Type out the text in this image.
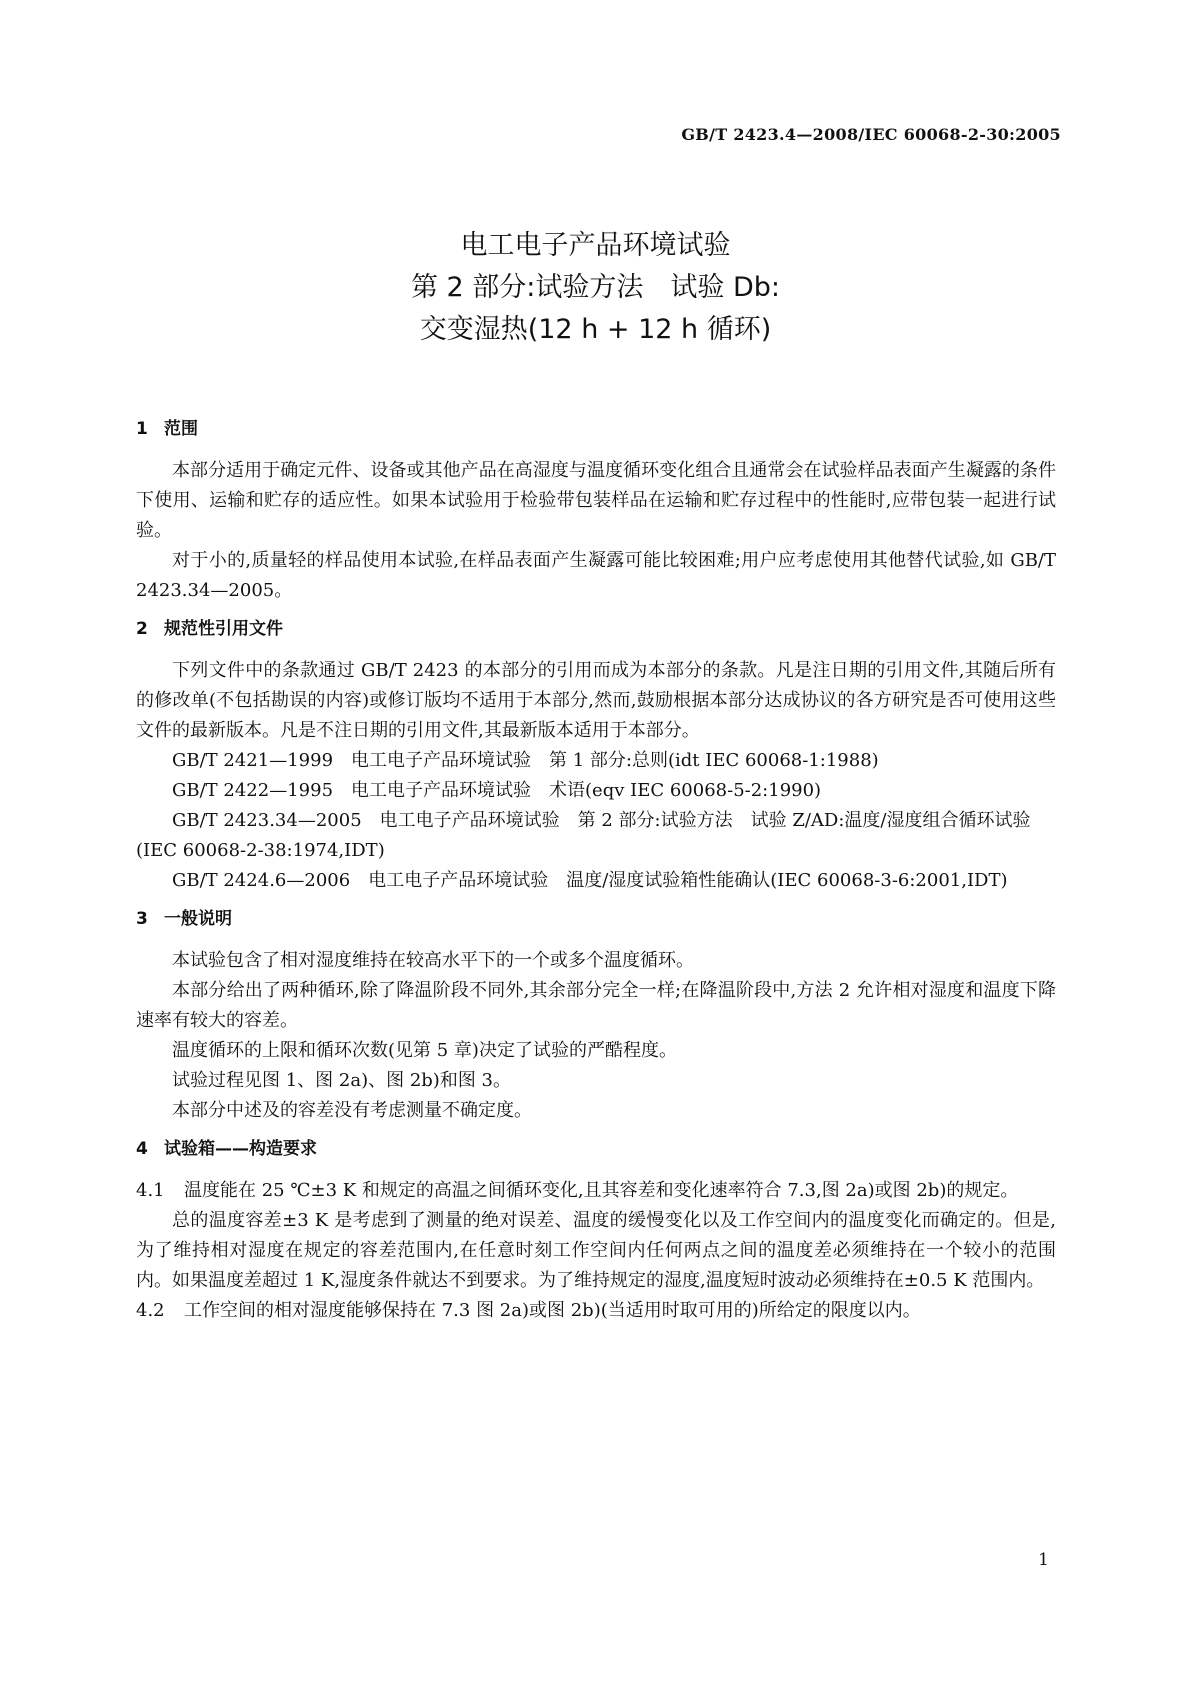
GB/T 2423.4—2008/IEC 60068-2-30:2005
电工电子产品环境试验
第 2 部分:试验方法　试验 Db:
交变湿热(12 h + 12 h 循环)
1 范围

本部分适用于确定元件、设备或其他产品在高湿度与温度循环变化组合且通常会在试验样品表面产生凝露的条件下使用、运输和贮存的适应性。如果本试验用于检验带包装样品在运输和贮存过程中的性能时,应带包装一起进行试验。

对于小的,质量轻的样品使用本试验,在样品表面产生凝露可能比较困难;用户应考虑使用其他替代试验,如 GB/T 2423.34—2005。

2 规范性引用文件

下列文件中的条款通过 GB/T 2423 的本部分的引用而成为本部分的条款。凡是注日期的引用文件,其随后所有的修改单(不包括勘误的内容)或修订版均不适用于本部分,然而,鼓励根据本部分达成协议的各方研究是否可使用这些文件的最新版本。凡是不注日期的引用文件,其最新版本适用于本部分。

GB/T 2421—1999　电工电子产品环境试验　第 1 部分:总则(idt IEC 60068-1:1988)

GB/T 2422—1995　电工电子产品环境试验　术语(eqv IEC 60068-5-2:1990)

GB/T 2423.34—2005　电工电子产品环境试验　第 2 部分:试验方法　试验 Z/AD:温度/湿度组合循环试验(IEC 60068-2-38:1974,IDT)

GB/T 2424.6—2006　电工电子产品环境试验　温度/湿度试验箱性能确认(IEC 60068-3-6:2001,IDT)

3 一般说明

本试验包含了相对湿度维持在较高水平下的一个或多个温度循环。

本部分给出了两种循环,除了降温阶段不同外,其余部分完全一样;在降温阶段中,方法 2 允许相对湿度和温度下降速率有较大的容差。

温度循环的上限和循环次数(见第 5 章)决定了试验的严酷程度。

试验过程见图 1、图 2a)、图 2b)和图 3。

本部分中述及的容差没有考虑测量不确定度。

4 试验箱——构造要求

4.1 温度能在 25 ℃±3 K 和规定的高温之间循环变化,且其容差和变化速率符合 7.3,图 2a)或图 2b)的规定。

总的温度容差±3 K 是考虑到了测量的绝对误差、温度的缓慢变化以及工作空间内的温度变化而确定的。但是,为了维持相对湿度在规定的容差范围内,在任意时刻工作空间内任何两点之间的温度差必须维持在一个较小的范围内。如果温度差超过 1 K,湿度条件就达不到要求。为了维持规定的湿度,温度短时波动必须维持在±0.5 K 范围内。

4.2 工作空间的相对湿度能够保持在 7.3 图 2a)或图 2b)(当适用时取可用的)所给定的限度以内。

1
